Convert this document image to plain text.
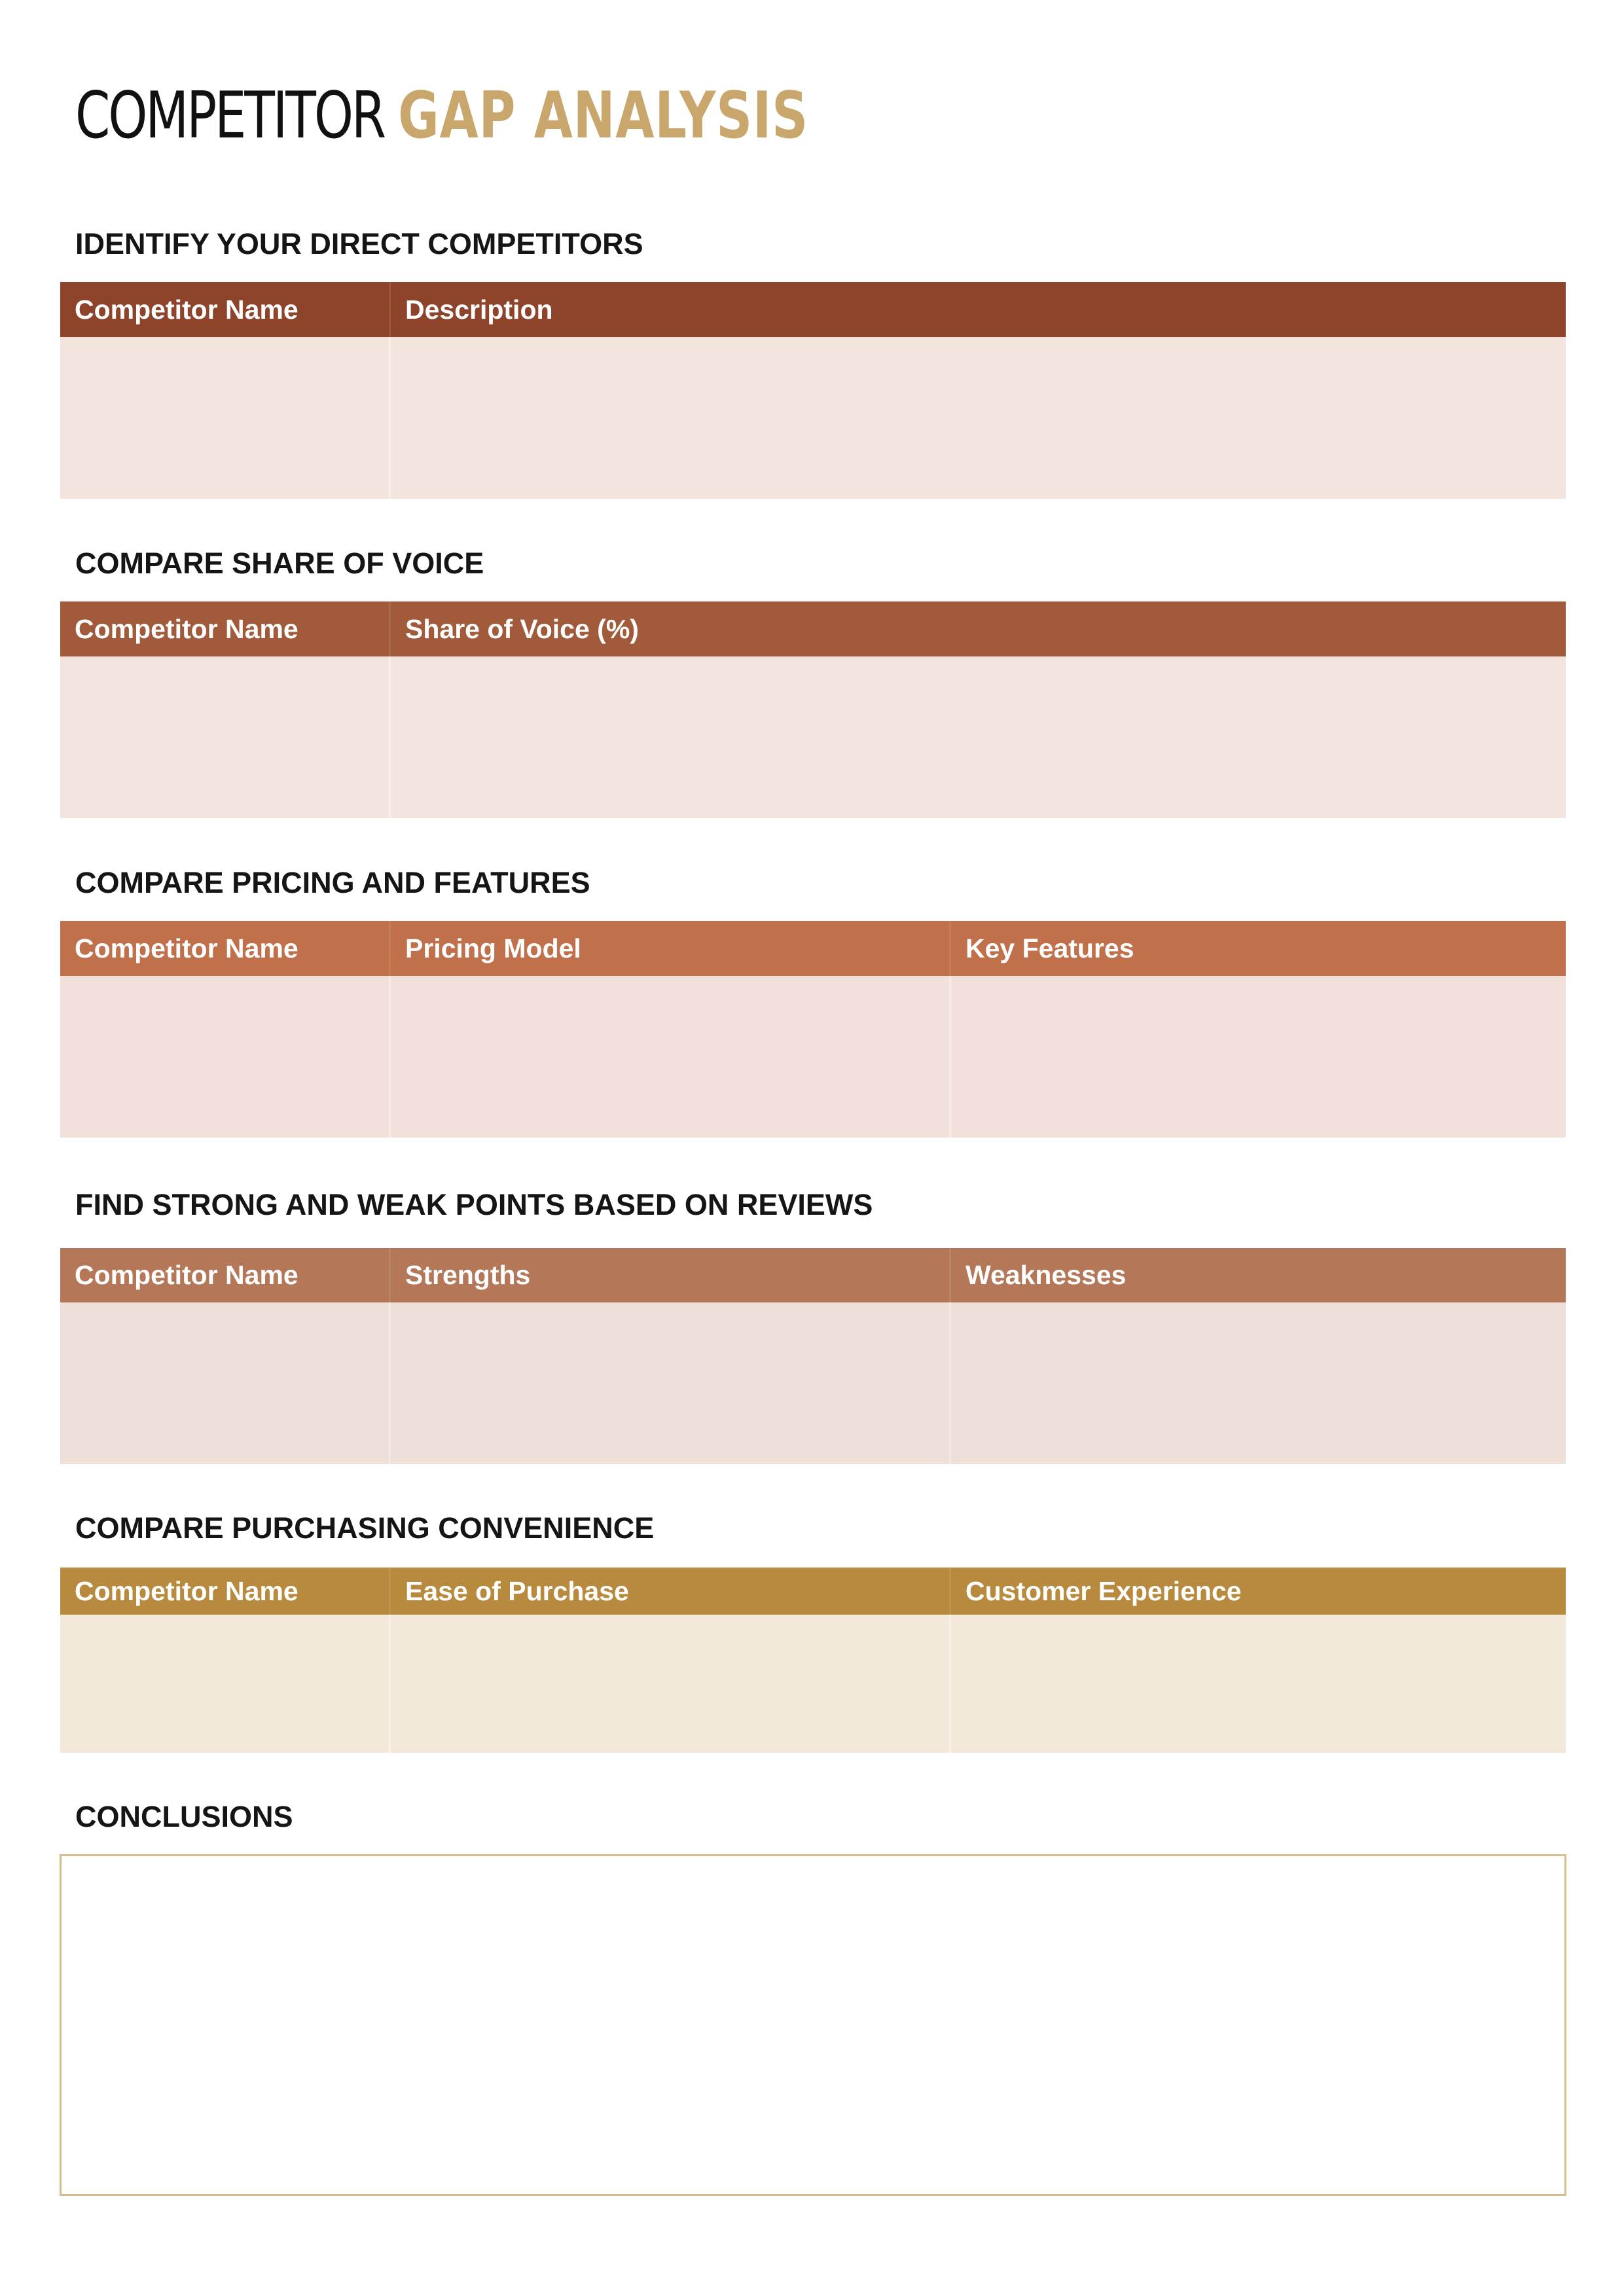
COMPETITOR GAP ANALYSIS
IDENTIFY YOUR DIRECT COMPETITORS
Competitor Name	Description
COMPARE SHARE OF VOICE
Competitor Name	Share of Voice (%)
COMPARE PRICING AND FEATURES
Competitor Name	Pricing Model	Key Features
FIND STRONG AND WEAK POINTS BASED ON REVIEWS
Competitor Name	Strengths	Weaknesses
COMPARE PURCHASING CONVENIENCE
Competitor Name	Ease of Purchase	Customer Experience
CONCLUSIONS
